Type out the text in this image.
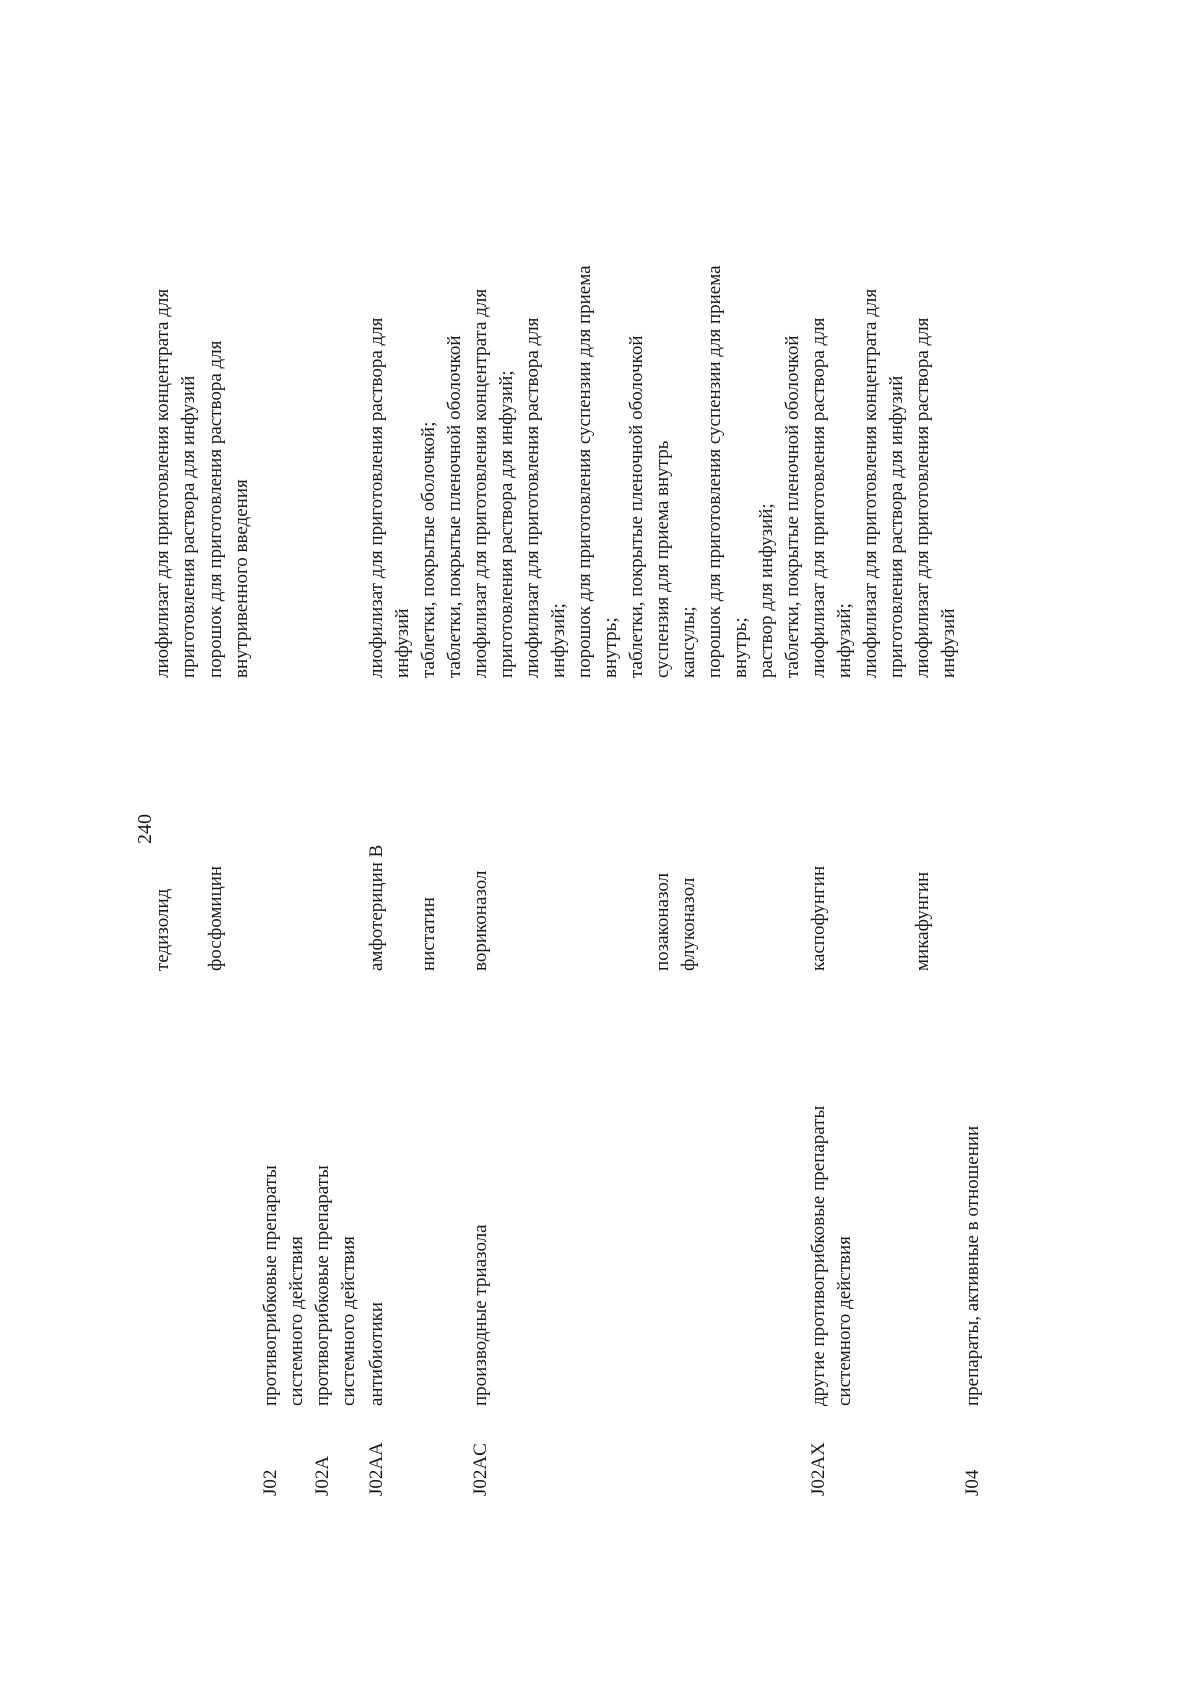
240
тедизолид
лиофилизат для приготовления концентрата для приготовления раствора для инфузий
фосфомицин
порошок для приготовления раствора для внутривенного введения
J02
противогрибковые препараты системного действия
J02A
противогрибковые препараты системного действия
J02AA
антибиотики
амфотерицин В
лиофилизат для приготовления раствора для инфузий
нистатин
таблетки, покрытые оболочкой; таблетки, покрытые пленочной оболочкой
J02AC
производные триазола
вориконазол
лиофилизат для приготовления концентрата для приготовления раствора для инфузий; лиофилизат для приготовления раствора для инфузий; порошок для приготовления суспензии для приема внутрь; таблетки, покрытые пленочной оболочкой
позаконазол
суспензия для приема внутрь
флуконазол
капсулы; порошок для приготовления суспензии для приема внутрь; раствор для инфузий; таблетки, покрытые пленочной оболочкой
J02AX
другие противогрибковые препараты системного действия
каспофунгин
лиофилизат для приготовления раствора для инфузий; лиофилизат для приготовления концентрата для приготовления раствора для инфузий
микафунгин
лиофилизат для приготовления раствора для инфузий
J04
препараты, активные в отношении
